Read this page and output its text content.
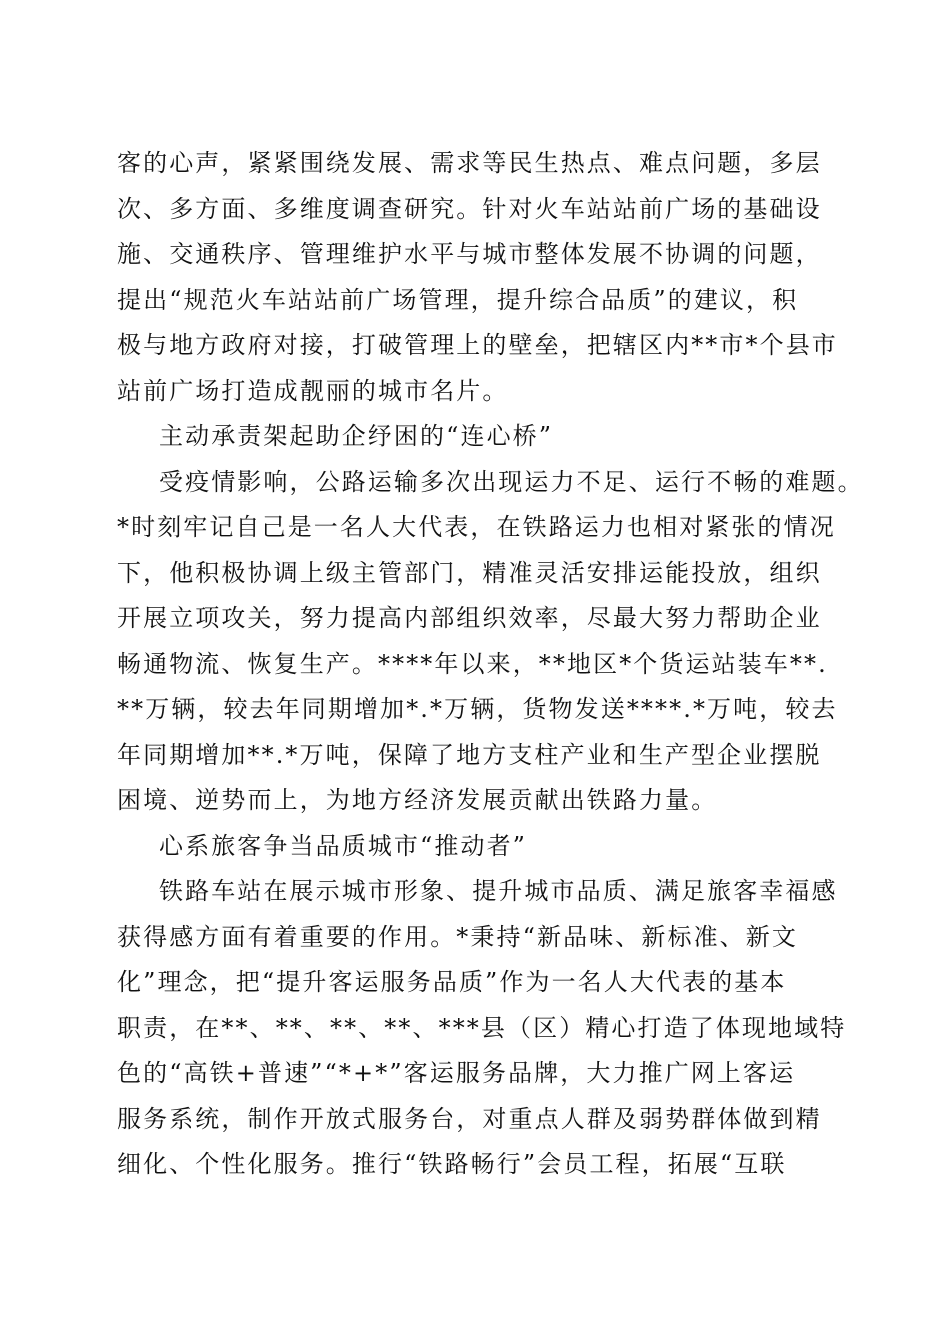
客的心声，紧紧围绕发展、需求等民生热点、难点问题，多层
次、多方面、多维度调查研究。针对火车站站前广场的基础设
施、交通秩序、管理维护水平与城市整体发展不协调的问题，
提出“规范火车站站前广场管理，提升综合品质”的建议，积
极与地方政府对接，打破管理上的壁垒，把辖区内**市*个县市
站前广场打造成靓丽的城市名片。
主动承责架起助企纾困的“连心桥”
受疫情影响，公路运输多次出现运力不足、运行不畅的难题。
*时刻牢记自己是一名人大代表，在铁路运力也相对紧张的情况
下，他积极协调上级主管部门，精准灵活安排运能投放，组织
开展立项攻关，努力提高内部组织效率，尽最大努力帮助企业
畅通物流、恢复生产。****年以来，**地区*个货运站装车**.
**万辆，较去年同期增加*.*万辆，货物发送****.*万吨，较去
年同期增加**.*万吨，保障了地方支柱产业和生产型企业摆脱
困境、逆势而上，为地方经济发展贡献出铁路力量。
心系旅客争当品质城市“推动者”
铁路车站在展示城市形象、提升城市品质、满足旅客幸福感
获得感方面有着重要的作用。*秉持“新品味、新标准、新文
化”理念，把“提升客运服务品质”作为一名人大代表的基本
职责，在**、**、**、**、***县（区）精心打造了体现地域特
色的“高铁+普速”“*+*”客运服务品牌，大力推广网上客运
服务系统，制作开放式服务台，对重点人群及弱势群体做到精
细化、个性化服务。推行“铁路畅行”会员工程，拓展“互联
